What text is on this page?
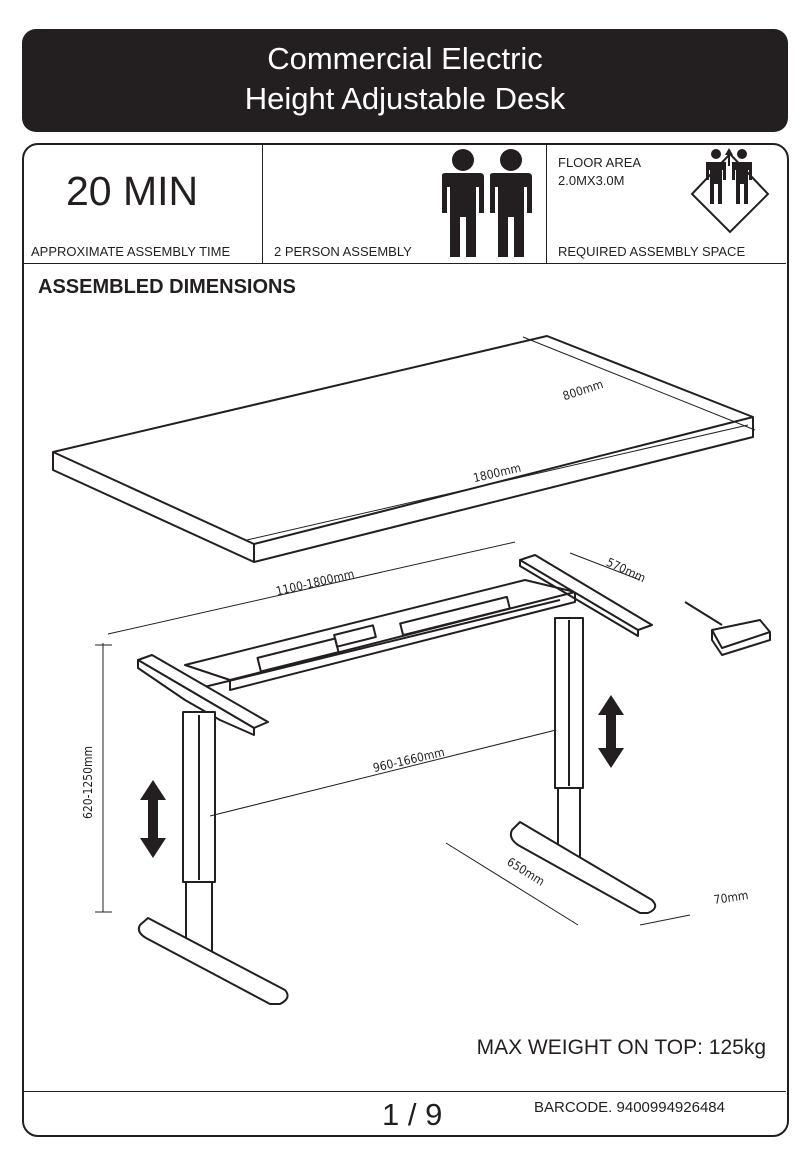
Commercial Electric
Height Adjustable Desk
20 MIN
APPROXIMATE ASSEMBLY TIME	2 PERSON ASSEMBLY
FLOOR AREA
2.0MX3.0M
REQUIRED ASSEMBLY SPACE
ASSEMBLED DIMENSIONS
800mm
1800mm
1100-1800mm	570mm
620-1250mm	960-1660mm
650mm
70mm
MAX WEIGHT ON TOP: 125kg
1 / 9	BARCODE. 9400994926484
